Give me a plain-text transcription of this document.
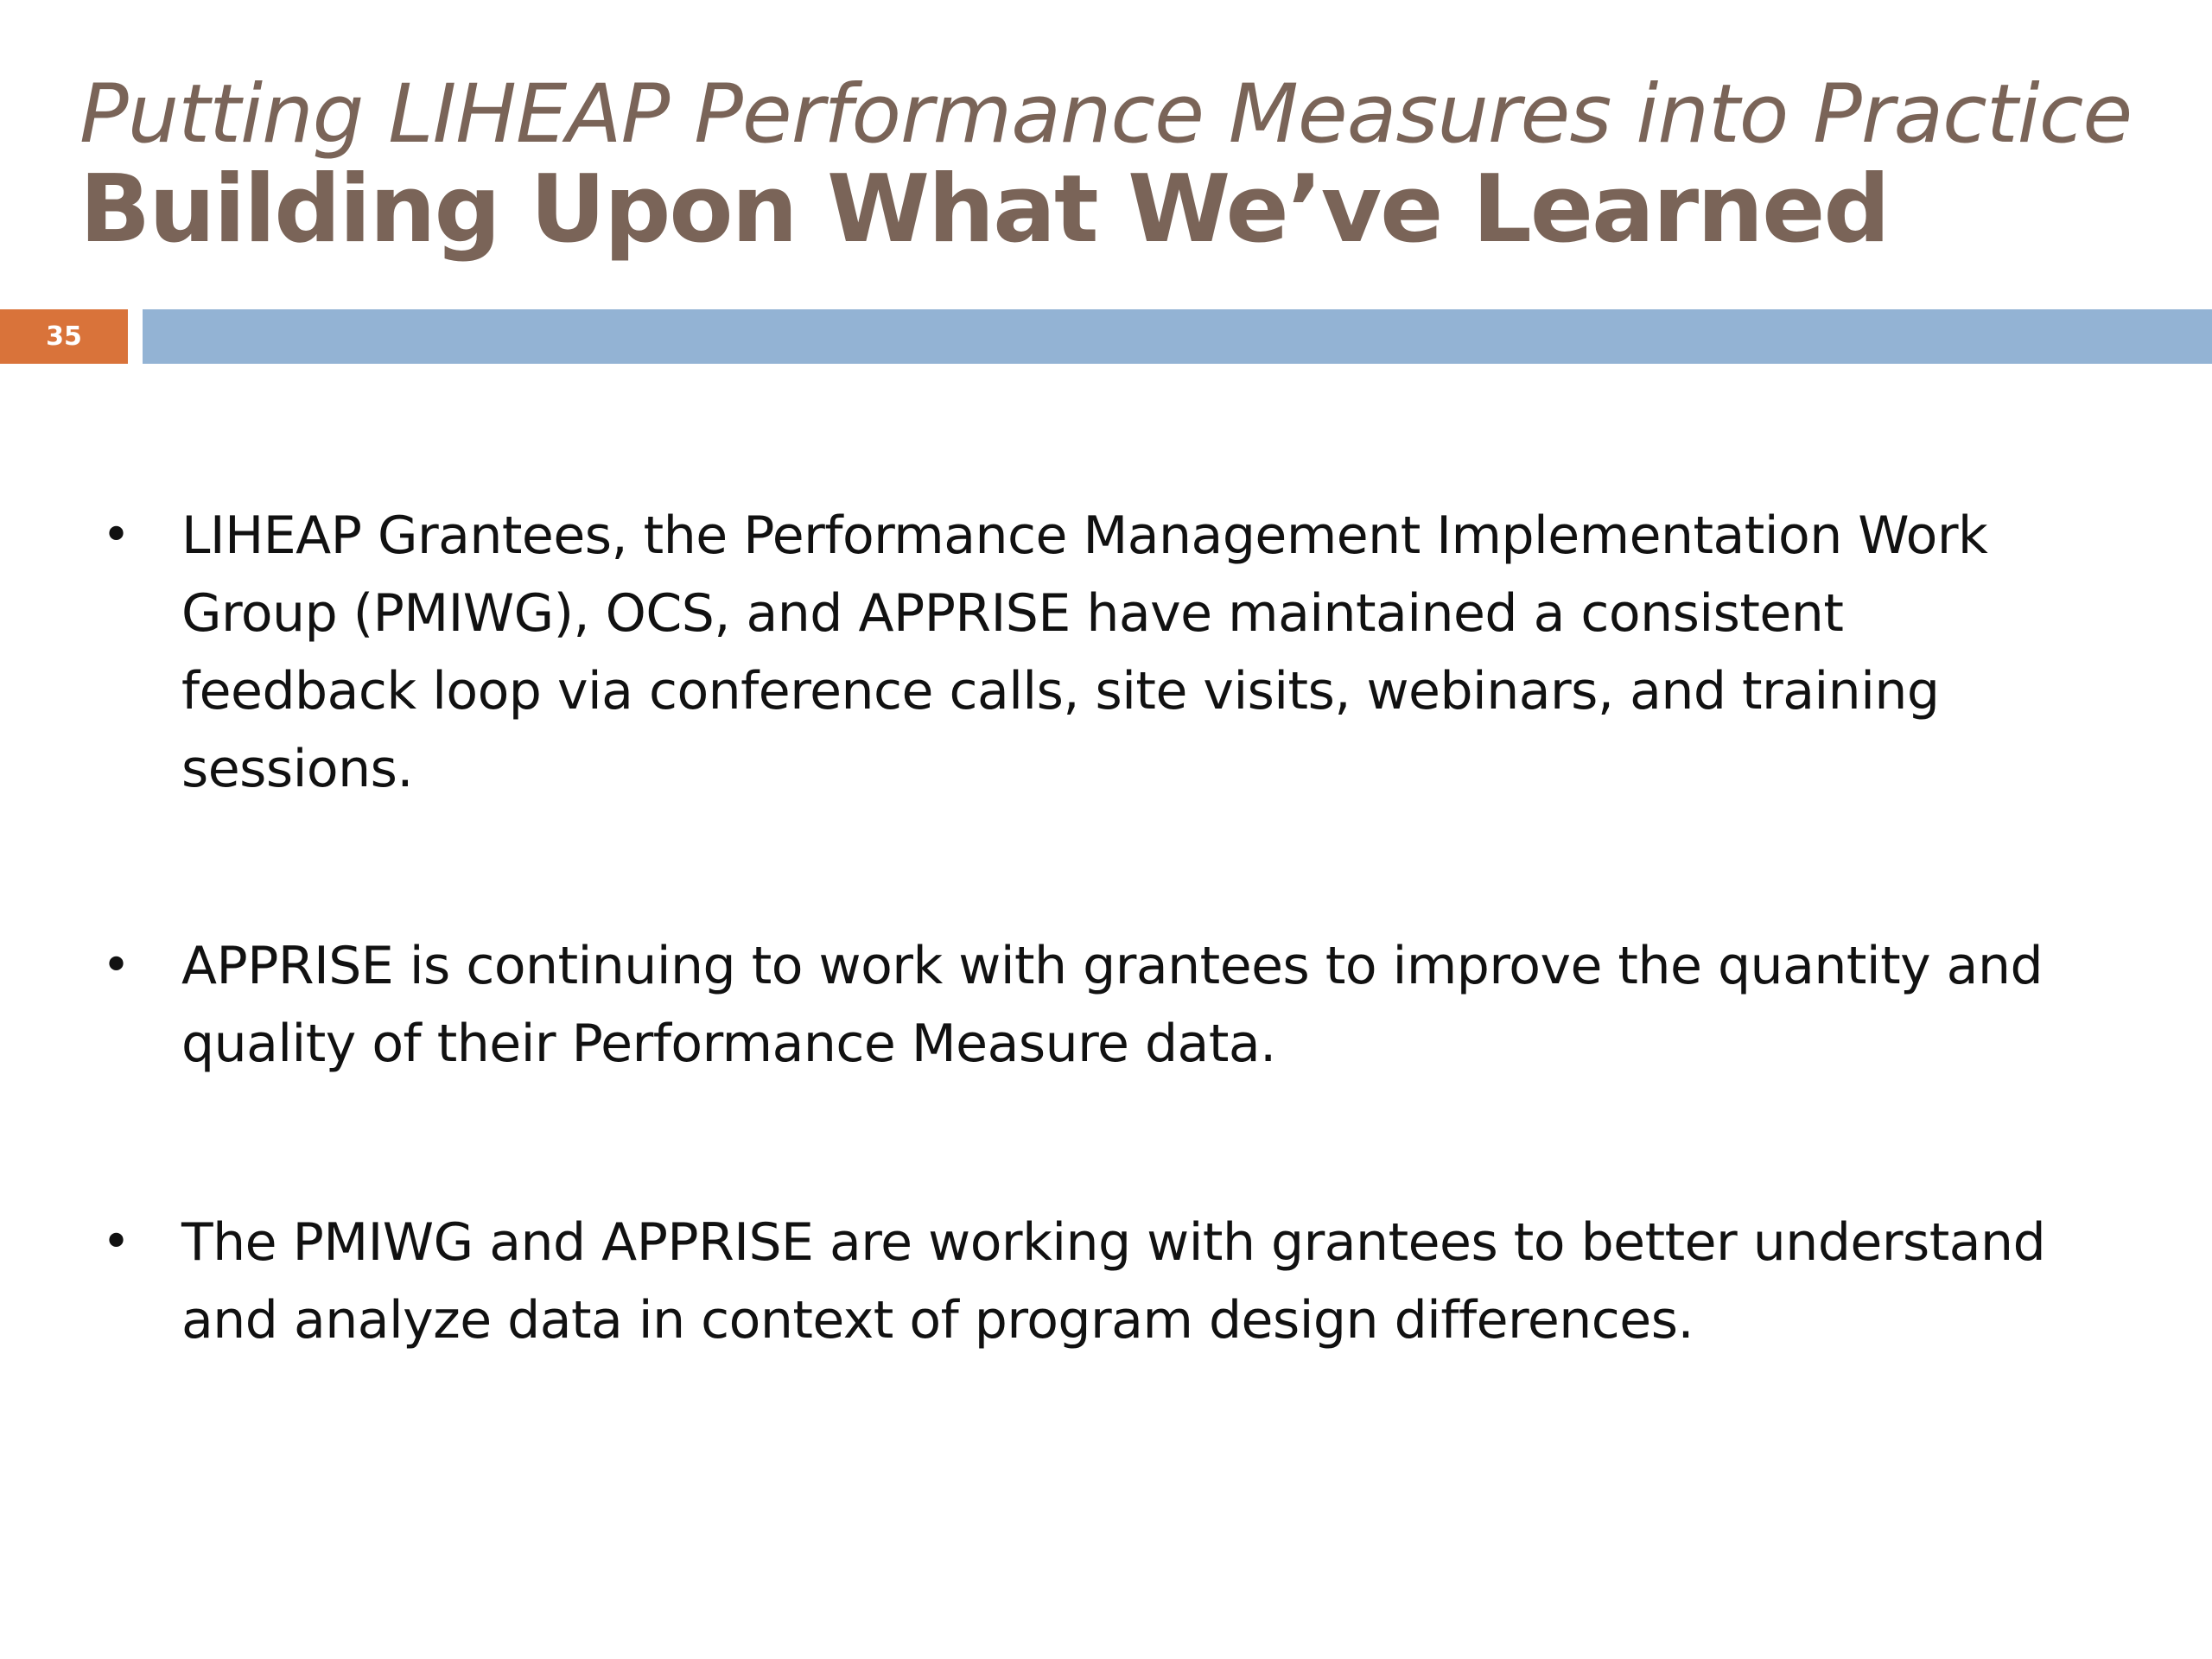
Putting LIHEAP Performance Measures into Practice
Building Upon What We’ve Learned
35
• LIHEAP Grantees, the Performance Management Implementation Work
Group (PMIWG), OCS, and APPRISE have maintained a consistent
feedback loop via conference calls, site visits, webinars, and training
sessions.
• APPRISE is continuing to work with grantees to improve the quantity and
quality of their Performance Measure data.
• The PMIWG and APPRISE are working with grantees to better understand
and analyze data in context of program design differences.
